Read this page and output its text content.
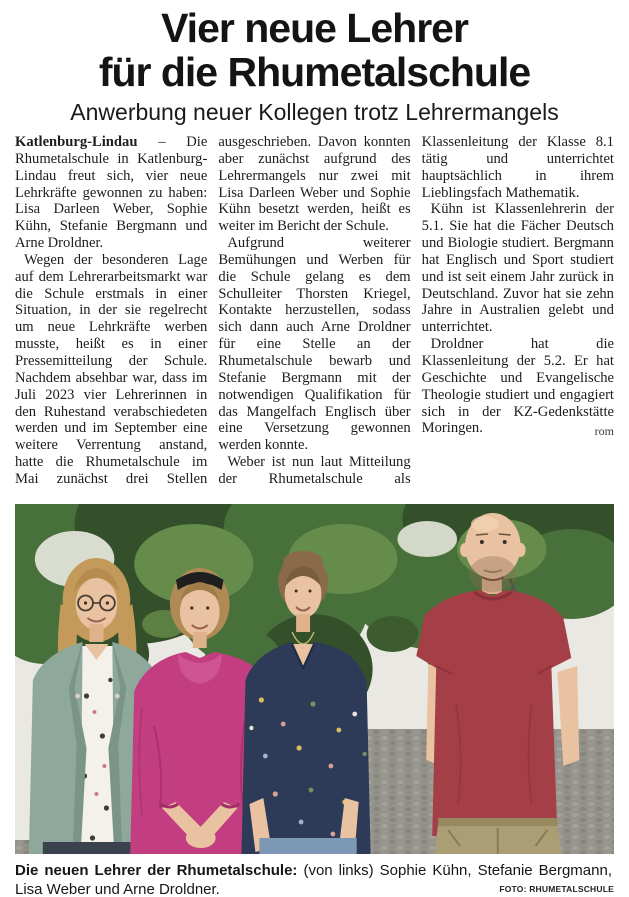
Vier neue Lehrer
für die Rhumetalschule
Anwerbung neuer Kollegen trotz Lehrermangels

Katlenburg-Lindau – Die Rhumetalschule in Katlenburg-Lindau freut sich, vier neue Lehrkräfte gewonnen zu haben: Lisa Darleen Weber, Sophie Kühn, Stefanie Bergmann und Arne Droldner.

Wegen der besonderen Lage auf dem Lehrerarbeitsmarkt war die Schule erstmals in einer Situation, in der sie regelrecht um neue Lehrkräfte werben musste, heißt es in einer Pressemitteilung der Schule. Nachdem absehbar war, dass im Juli 2023 vier Lehrerinnen in den Ruhestand verabschiedeten werden und im September eine weitere Verrentung anstand, hatte die Rhumetalschule im Mai zunächst drei Stellen ausgeschrieben. Davon konnten aber zunächst aufgrund des Lehrermangels nur zwei mit Lisa Darleen Weber und Sophie Kühn besetzt werden, heißt es weiter im Bericht der Schule.

Aufgrund weiterer Bemühungen und Werben für die Schule gelang es dem Schulleiter Thorsten Kriegel, Kontakte herzustellen, sodass sich dann auch Arne Droldner für eine Stelle an der Rhumetalschule bewarb und Stefanie Bergmann mit der notwendigen Qualifikation für das Mangelfach Englisch über eine Versetzung gewonnen werden konnte.

Weber ist nun laut Mitteilung der Rhumetalschule als Klassenleitung der Klasse 8.1 tätig und unterrichtet hauptsächlich in ihrem Lieblingsfach Mathematik.

Kühn ist Klassenlehrerin der 5.1. Sie hat die Fächer Deutsch und Biologie studiert. Bergmann hat Englisch und Sport studiert und ist seit einem Jahr zurück in Deutschland. Zuvor hat sie zehn Jahre in Australien gelebt und unterrichtet.

Droldner hat die Klassenleitung der 5.2. Er hat Geschichte und Evangelische Theologie studiert und engagiert sich in der KZ-Gedenkstätte Moringen.	rom

Die neuen Lehrer der Rhumetalschule: (von links) Sophie Kühn, Stefanie Bergmann, Lisa Weber und Arne Droldner.	FOTO: RHUMETALSCHULE
